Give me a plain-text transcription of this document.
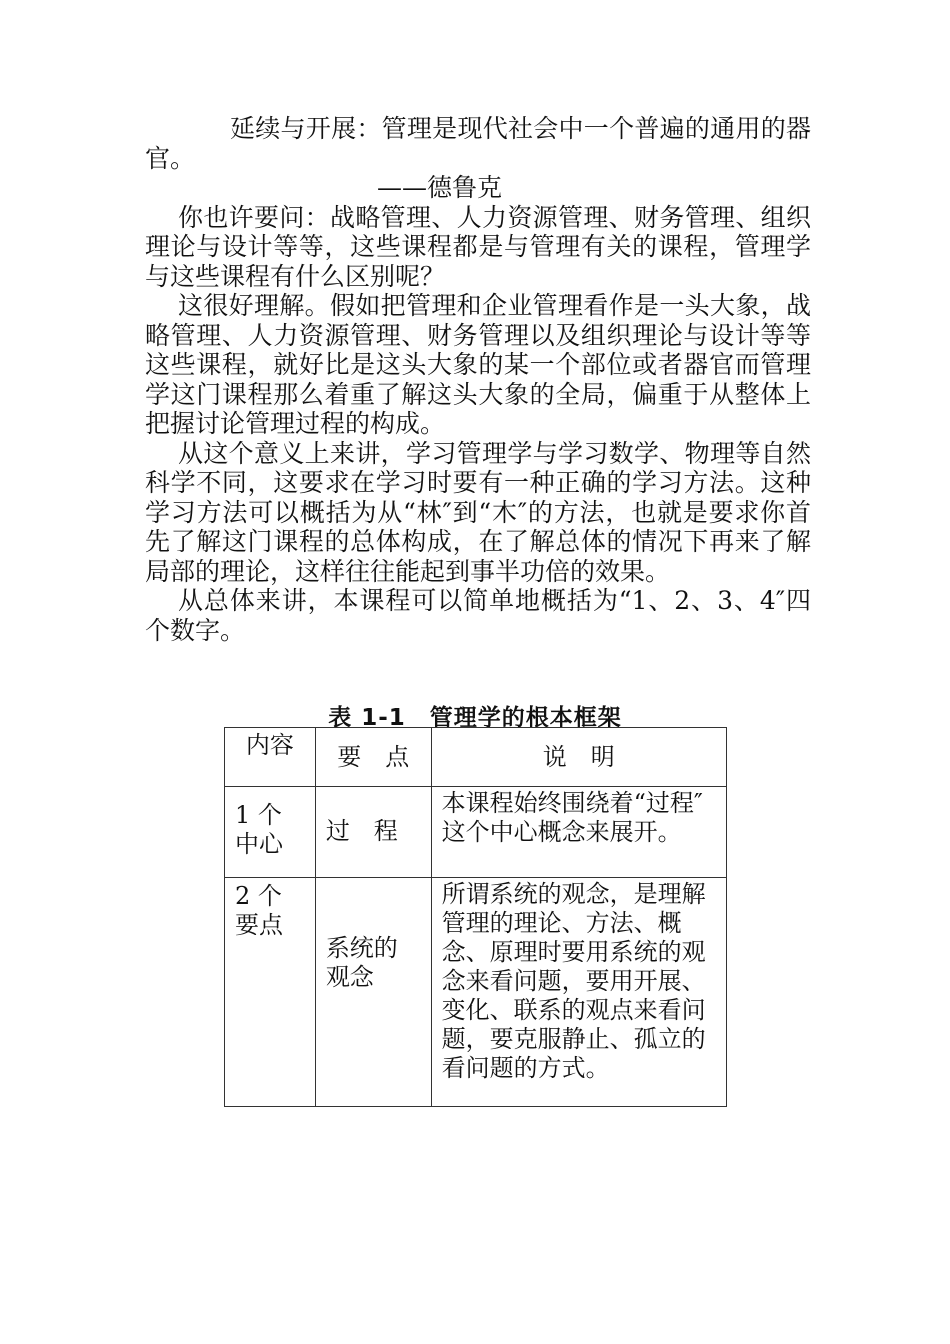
延续与开展：管理是现代社会中一个普遍的通用的器官。

——德鲁克

你也许要问：战略管理、人力资源管理、财务管理、组织理论与设计等等，这些课程都是与管理有关的课程，管理学与这些课程有什么区别呢？

这很好理解。假如把管理和企业管理看作是一头大象，战略管理、人力资源管理、财务管理以及组织理论与设计等等这些课程，就好比是这头大象的某一个部位或者器官而管理学这门课程那么着重了解这头大象的全局，偏重于从整体上把握讨论管理过程的构成。

从这个意义上来讲，学习管理学与学习数学、物理等自然科学不同，这要求在学习时要有一种正确的学习方法。这种学习方法可以概括为从“林″到“木″的方法，也就是要求你首先了解这门课程的总体构成，在了解总体的情况下再来了解局部的理论，这样往往能起到事半功倍的效果。

从总体来讲，本课程可以简单地概括为“1、2、3、4″四个数字。

表 1-1　管理学的根本框架
内容	要　点	说　明

1 个中心	过　程	本课程始终围绕着“过程″这个中心概念来展开。

2 个要点	系统的观念	所谓系统的观念，是理解管理的理论、方法、概念、原理时要用系统的观念来看问题，要用开展、变化、联系的观点来看问题，要克服静止、孤立的看问题的方式。
